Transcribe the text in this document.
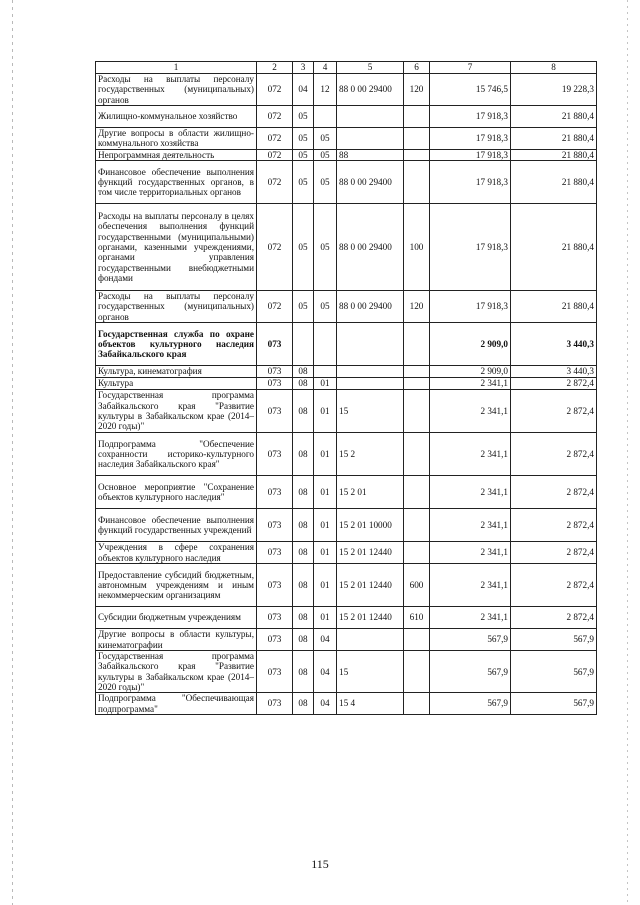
1	2	3	4	5	6	7	8
Расходы на выплаты персоналу государственных (муниципальных) органов	072	04	12	88 0 00 29400	120	15 746,5	19 228,3
Жилищно-коммунальное хозяйство	072	05				17 918,3	21 880,4
Другие вопросы в области жилищно-коммунального хозяйства	072	05	05			17 918,3	21 880,4
Непрограммная деятельность	072	05	05	88		17 918,3	21 880,4
Финансовое обеспечение выполнения функций государственных органов, в том числе территориальных органов	072	05	05	88 0 00 29400		17 918,3	21 880,4
Расходы на выплаты персоналу в целях обеспечения выполнения функций государственными (муниципальными) органами, казенными учреждениями, органами управления государственными внебюджетными фондами	072	05	05	88 0 00 29400	100	17 918,3	21 880,4
Расходы на выплаты персоналу государственных (муниципальных) органов	072	05	05	88 0 00 29400	120	17 918,3	21 880,4
Государственная служба по охране объектов культурного наследия Забайкальского края	073					2 909,0	3 440,3
Культура, кинематография	073	08				2 909,0	3 440,3
Культура	073	08	01			2 341,1	2 872,4
Государственная программа Забайкальского края "Развитие культуры в Забайкальском крае (2014–2020 годы)"	073	08	01	15		2 341,1	2 872,4
Подпрограмма "Обеспечение сохранности историко-культурного наследия Забайкальского края"	073	08	01	15 2		2 341,1	2 872,4
Основное мероприятие "Сохранение объектов культурного наследия"	073	08	01	15 2 01		2 341,1	2 872,4
Финансовое обеспечение выполнения функций государственных учреждений	073	08	01	15 2 01 10000		2 341,1	2 872,4
Учреждения в сфере сохранения объектов культурного наследия	073	08	01	15 2 01 12440		2 341,1	2 872,4
Предоставление субсидий бюджетным, автономным учреждениям и иным некоммерческим организациям	073	08	01	15 2 01 12440	600	2 341,1	2 872,4
Субсидии бюджетным учреждениям	073	08	01	15 2 01 12440	610	2 341,1	2 872,4
Другие вопросы в области культуры, кинематографии	073	08	04			567,9	567,9
Государственная программа Забайкальского края "Развитие культуры в Забайкальском крае (2014–2020 годы)"	073	08	04	15		567,9	567,9
Подпрограмма "Обеспечивающая подпрограмма"	073	08	04	15 4		567,9	567,9
115
